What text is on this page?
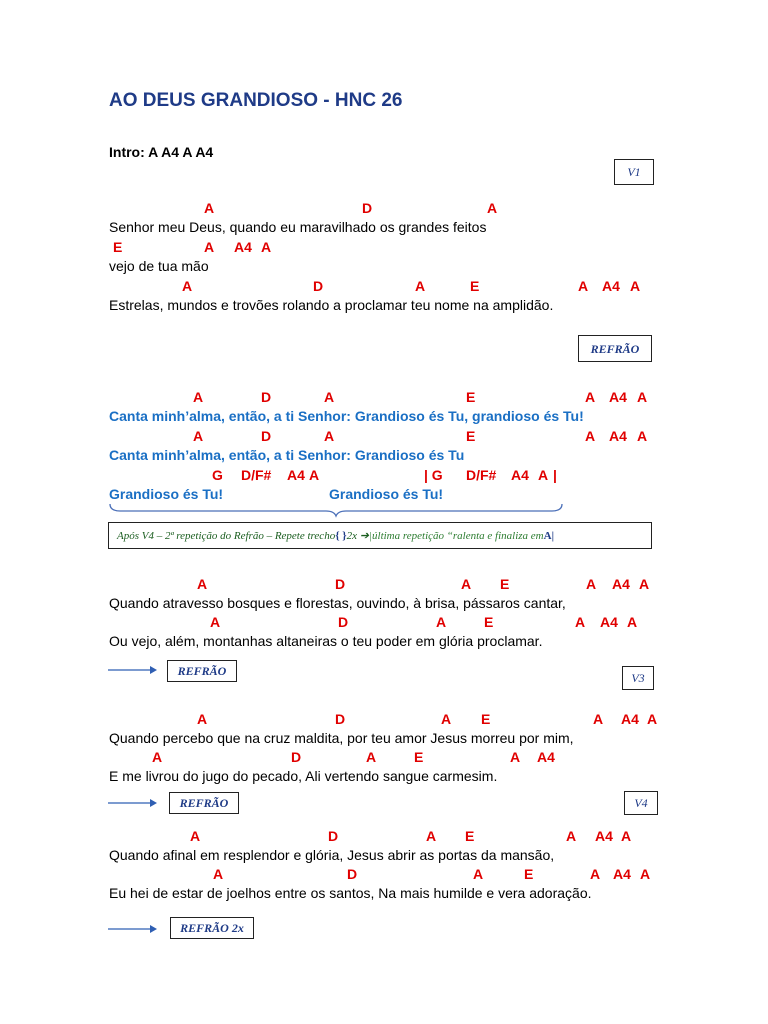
AO DEUS GRANDIOSO - HNC 26
Intro: A A4 A A4
V1
A	D	A
Senhor meu Deus, quando eu maravilhado os grandes feitos
E	A A4 A
vejo de tua mão
A	D	A	E	A A4 A
Estrelas, mundos e trovões rolando a proclamar teu nome na amplidão.
REFRÃO
A	D	A	E	A A4 A
Canta minh’alma, então, a ti Senhor: Grandioso és Tu, grandioso és Tu!
A	D	A	E	A A4 A
Canta minh’alma, então, a ti Senhor: Grandioso és Tu
G D/F# A4 A	| G D/F# A4 A |
Grandioso és Tu!	Grandioso és Tu!
Após V4 – 2ª repetição do Refrão – Repete trecho { } 2x ➔ |última repetição “ralenta e finaliza em A |
A	D	A E	A A4 A
Quando atravesso bosques e florestas, ouvindo, à brisa, pássaros cantar,
A	D	A	E	A A4 A
Ou vejo, além, montanhas altaneiras o teu poder em glória proclamar.
REFRÃO	V3
A	D	A E	A A4 A
Quando percebo que na cruz maldita, por teu amor Jesus morreu por mim,
A	D	A	E	A A4
E me livrou do jugo do pecado, Ali vertendo sangue carmesim.
REFRÃO	V4
A	D	A E	A A4 A
Quando afinal em resplendor e glória, Jesus abrir as portas da mansão,
A	D	A	E	A A4 A
Eu hei de estar de joelhos entre os santos, Na mais humilde e vera adoração.
REFRÃO 2x
